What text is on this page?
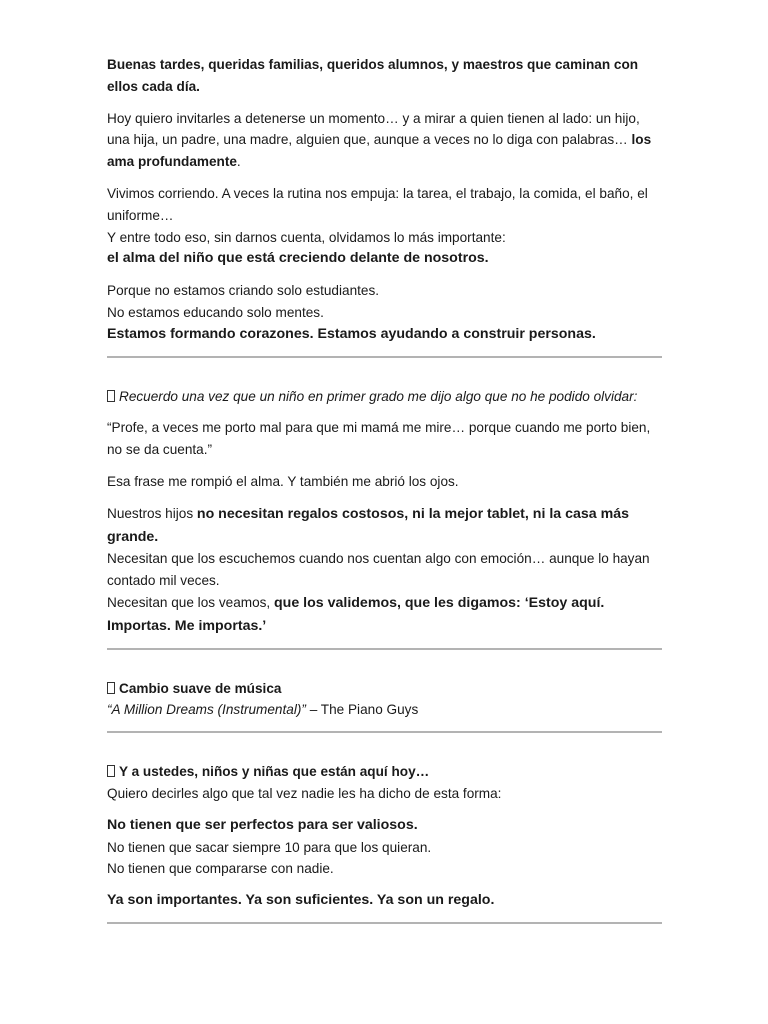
Buenas tardes, queridas familias, queridos alumnos, y maestros que caminan con ellos cada día.

Hoy quiero invitarles a detenerse un momento… y a mirar a quien tienen al lado: un hijo, una hija, un padre, una madre, alguien que, aunque a veces no lo diga con palabras… los ama profundamente.

Vivimos corriendo. A veces la rutina nos empuja: la tarea, el trabajo, la comida, el baño, el uniforme…

Y entre todo eso, sin darnos cuenta, olvidamos lo más importante:

el alma del niño que está creciendo delante de nosotros.

Porque no estamos criando solo estudiantes.

No estamos educando solo mentes.

Estamos formando corazones. Estamos ayudando a construir personas.

Recuerdo una vez que un niño en primer grado me dijo algo que no he podido olvidar:

“Profe, a veces me porto mal para que mi mamá me mire… porque cuando me porto bien, no se da cuenta.”

Esa frase me rompió el alma. Y también me abrió los ojos.

Nuestros hijos no necesitan regalos costosos, ni la mejor tablet, ni la casa más grande.

Necesitan que los escuchemos cuando nos cuentan algo con emoción… aunque lo hayan contado mil veces.

Necesitan que los veamos, que los validemos, que les digamos: ‘Estoy aquí. Importas. Me importas.’

Cambio suave de música

“A Million Dreams (Instrumental)” – The Piano Guys

Y a ustedes, niños y niñas que están aquí hoy…

Quiero decirles algo que tal vez nadie les ha dicho de esta forma:

No tienen que ser perfectos para ser valiosos.

No tienen que sacar siempre 10 para que los quieran.

No tienen que compararse con nadie.

Ya son importantes. Ya son suficientes. Ya son un regalo.
